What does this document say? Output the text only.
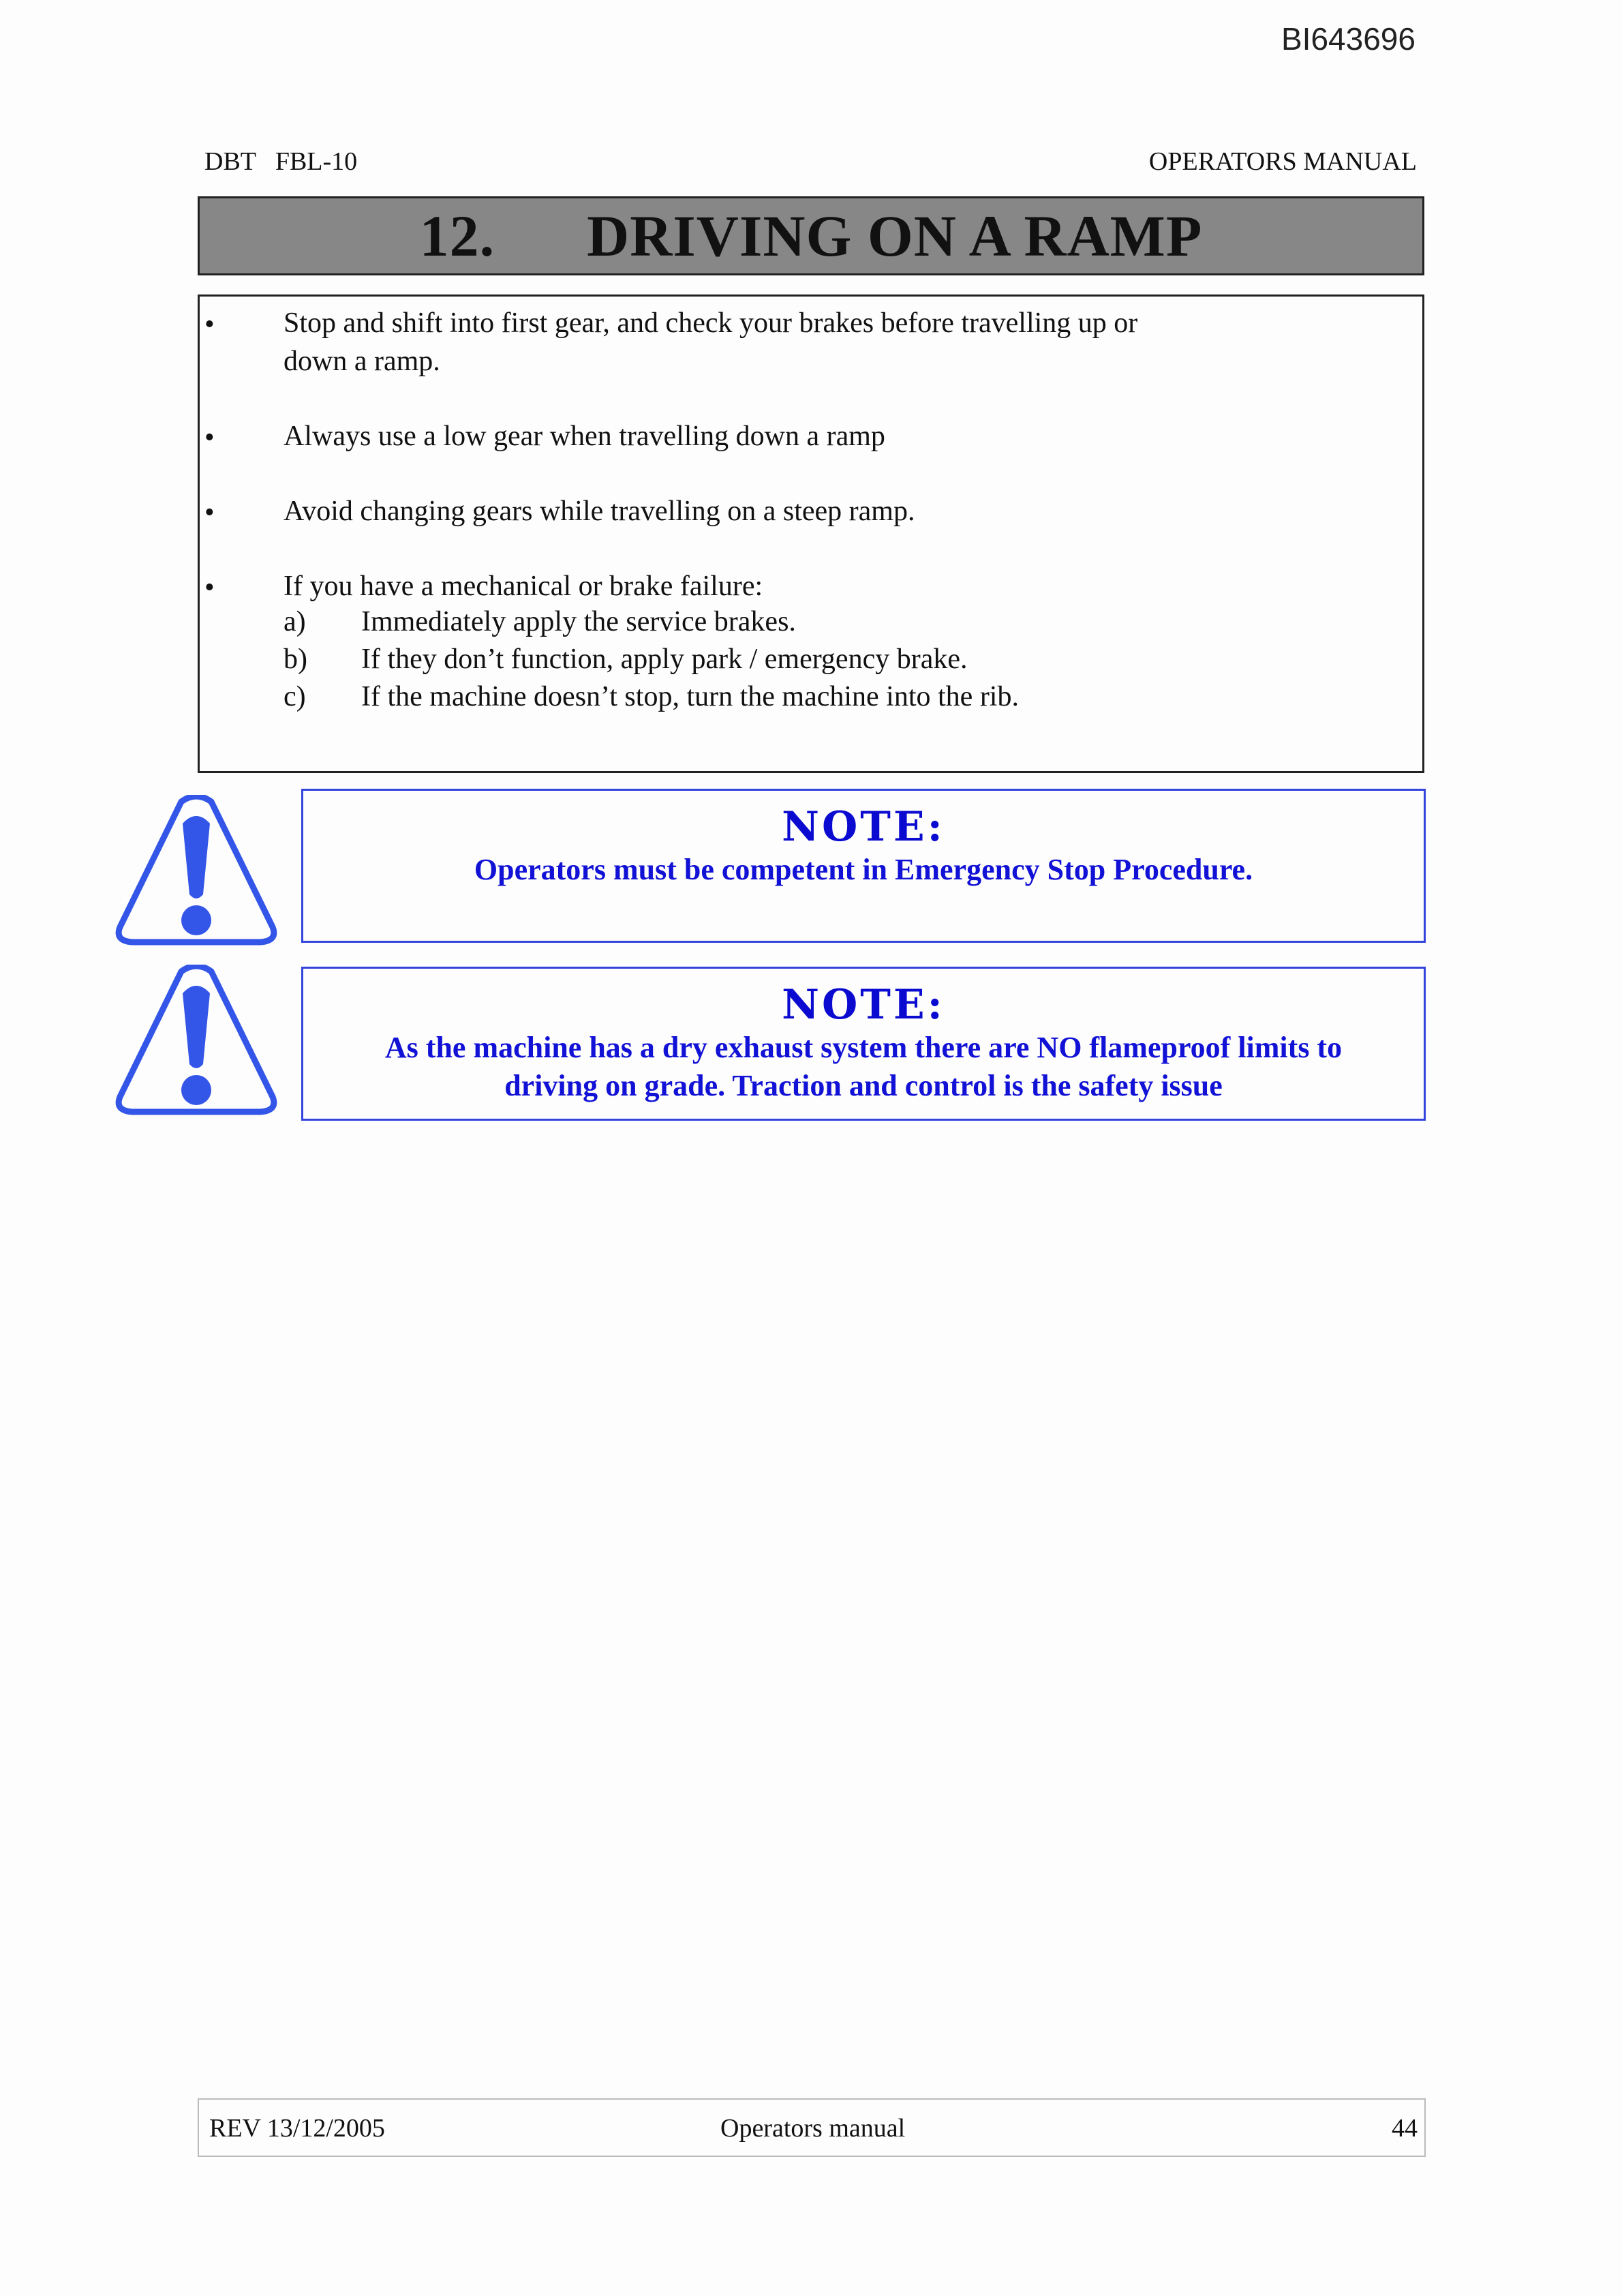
BI643696
DBT   FBL-10	OPERATORS MANUAL
12.      DRIVING ON A RAMP
• Stop and shift into first gear, and check your brakes before travelling up or
down a ramp.
• Always use a low gear when travelling down a ramp
• Avoid changing gears while travelling on a steep ramp.
• If you have a mechanical or brake failure:
a) Immediately apply the service brakes.
b) If they don’t function, apply park / emergency brake.
c) If the machine doesn’t stop, turn the machine into the rib.
NOTE:
Operators must be competent in Emergency Stop Procedure.
NOTE:
As the machine has a dry exhaust system there are NO flameproof limits to
driving on grade. Traction and control is the safety issue
REV 13/12/2005	Operators manual	44
